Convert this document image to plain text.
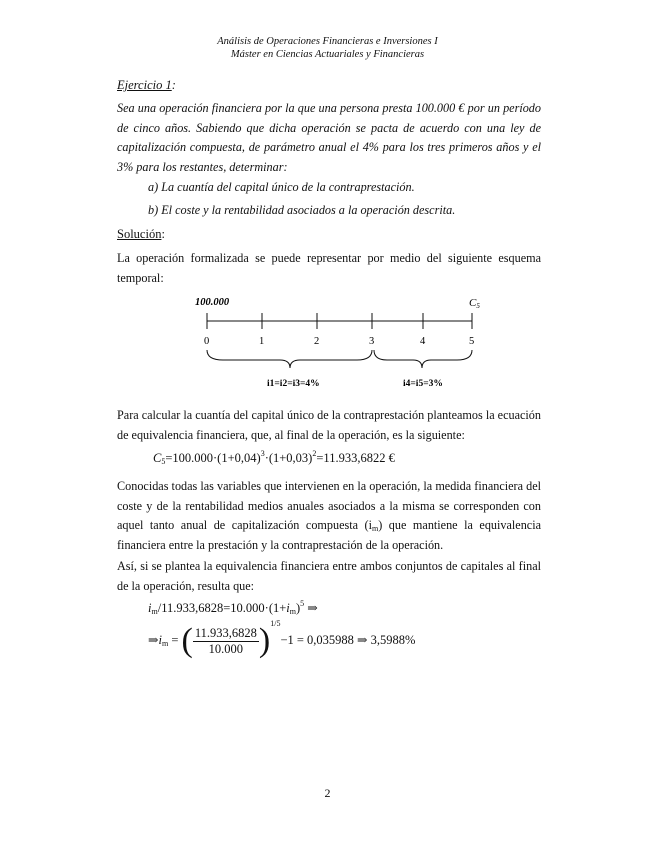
Análisis de Operaciones Financieras e Inversiones I
Máster en Ciencias Actuariales y Financieras
Ejercicio 1:
Sea una operación financiera por la que una persona presta 100.000 € por un período de cinco años. Sabiendo que dicha operación se pacta de acuerdo con una ley de capitalización compuesta, de parámetro anual el 4% para los tres primeros años y el 3% para los restantes, determinar:
a) La cuantía del capital único de la contraprestación.
b) El coste y la rentabilidad asociados a la operación descrita.
Solución:
La operación formalizada se puede representar por medio del siguiente esquema temporal:
100.000	C5
0	1	2	3	4	5
i1=i2=i3=4%	i4=i5=3%
Para calcular la cuantía del capital único de la contraprestación planteamos la ecuación de equivalencia financiera, que, al final de la operación, es la siguiente:
$C_5=100.000\cdot(1+0,04)^3\cdot(1+0,03)^2=11.933,6822$ €
Conocidas todas las variables que intervienen en la operación, la medida financiera del coste y de la rentabilidad medios anuales asociados a la misma se corresponden con aquel tanto anual de capitalización compuesta $(i_m)$ que mantiene la equivalencia financiera entre la prestación y la contraprestación de la operación.
Así, si se plantea la equivalencia financiera entre ambos conjuntos de capitales al final de la operación, resulta que:
$i_m/11.933,6828=10.000\cdot(1+i_m)^5$ ⇒
$\Rightarrow i_m$ = ( $\frac{11.933,6828}{10.000} )^{1/5}-1 = 0,035988$ ⇒ 3,5988%
2
